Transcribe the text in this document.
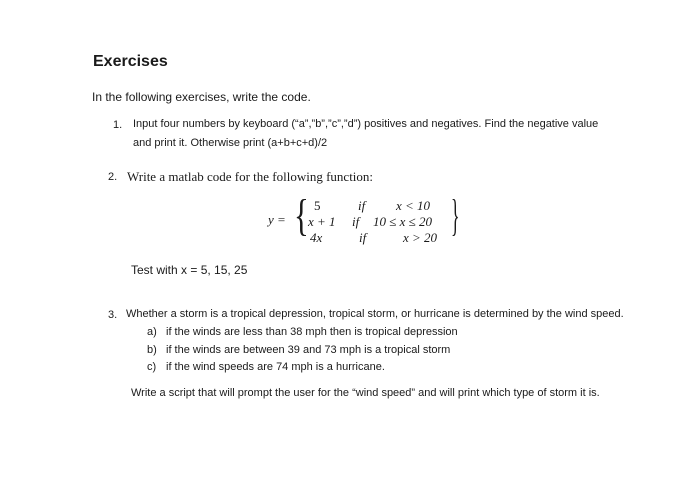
Exercises
In the following exercises, write the code.
1. Input four numbers by keyboard (“a”,”b”,”c”,”d”) positives and negatives. Find the negative value
and print it. Otherwise print (a+b+c+d)/2
2. Write a matlab code for the following function:
y = { 5	if x < 10
x + 1 if 10 ≤ x ≤ 20
4x	if	x > 20 }
Test with x = 5, 15, 25
3. Whether a storm is a tropical depression, tropical storm, or hurricane is determined by the wind speed.
a) if the winds are less than 38 mph then is tropical depression
b) if the winds are between 39 and 73 mph is a tropical storm
c) if the wind speeds are 74 mph is a hurricane.
Write a script that will prompt the user for the “wind speed” and will print which type of storm it is.
